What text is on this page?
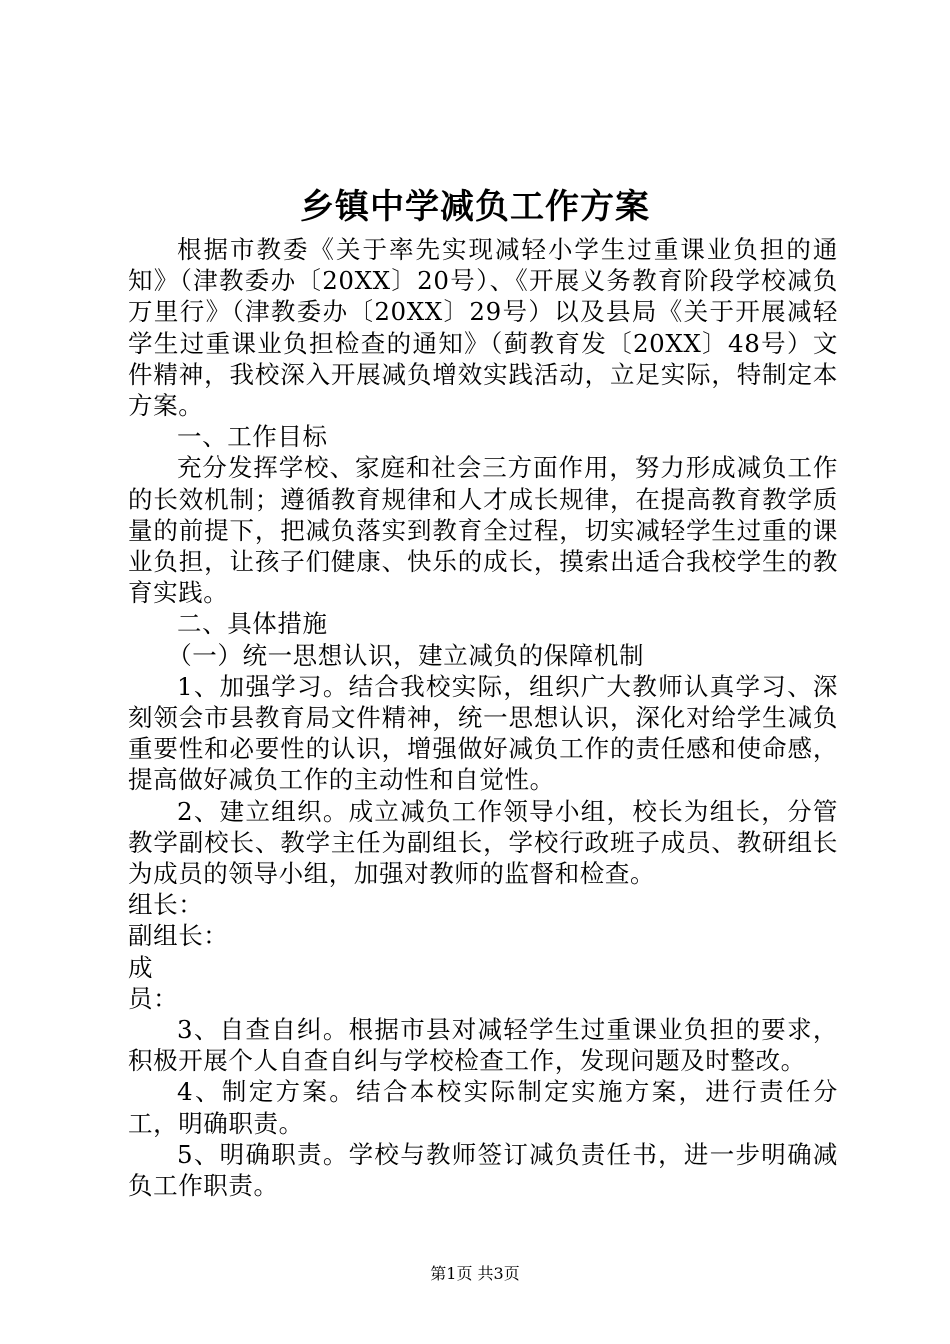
乡镇中学减负工作方案

根据市教委《关于率先实现减轻小学生过重课业负担的通知》（津教委办〔20XX〕20号）、《开展义务教育阶段学校减负万里行》（津教委办〔20XX〕29号）以及县局《关于开展减轻学生过重课业负担检查的通知》（蓟教育发〔20XX〕48号）文件精神，我校深入开展减负增效实践活动，立足实际，特制定本方案。

一、工作目标

充分发挥学校、家庭和社会三方面作用，努力形成减负工作的长效机制；遵循教育规律和人才成长规律，在提高教育教学质量的前提下，把减负落实到教育全过程，切实减轻学生过重的课业负担，让孩子们健康、快乐的成长，摸索出适合我校学生的教育实践。

二、具体措施

（一）统一思想认识，建立减负的保障机制

1、加强学习。结合我校实际，组织广大教师认真学习、深刻领会市县教育局文件精神，统一思想认识，深化对给学生减负重要性和必要性的认识，增强做好减负工作的责任感和使命感，提高做好减负工作的主动性和自觉性。

2、建立组织。成立减负工作领导小组，校长为组长，分管教学副校长、教学主任为副组长，学校行政班子成员、教研组长为成员的领导小组，加强对教师的监督和检查。

组长：

副组长：

成

员：

3、自查自纠。根据市县对减轻学生过重课业负担的要求，积极开展个人自查自纠与学校检查工作，发现问题及时整改。

4、制定方案。结合本校实际制定实施方案，进行责任分工，明确职责。

5、明确职责。学校与教师签订减负责任书，进一步明确减负工作职责。

第1页 共3页
